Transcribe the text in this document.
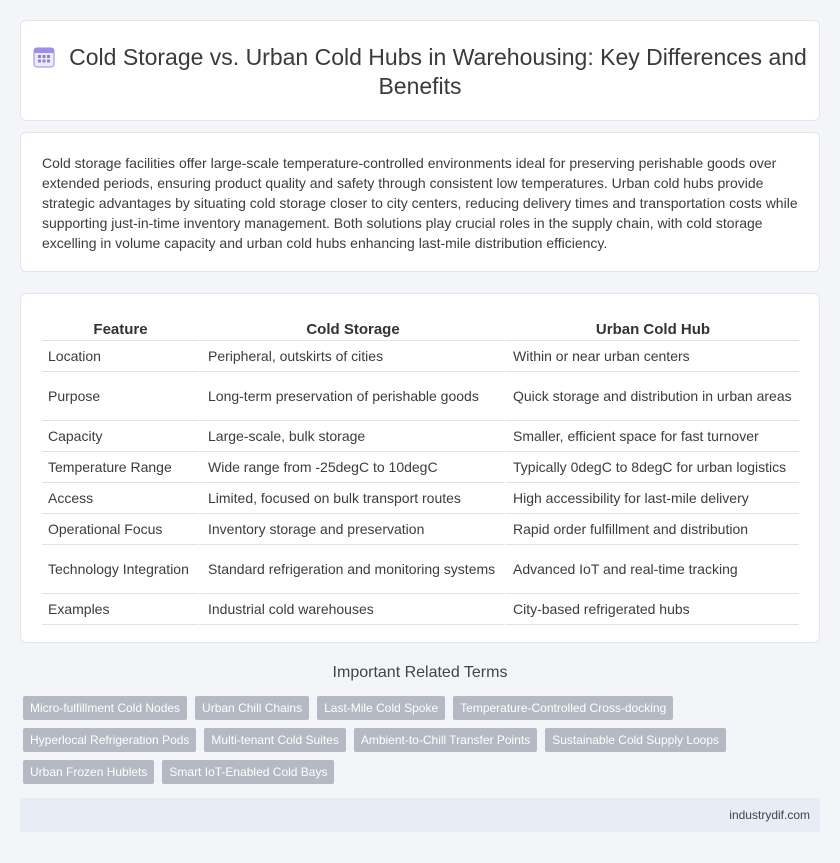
Cold Storage vs. Urban Cold Hubs in Warehousing: Key Differences and Benefits

Cold storage facilities offer large-scale temperature-controlled environments ideal for preserving perishable goods over extended periods, ensuring product quality and safety through consistent low temperatures. Urban cold hubs provide strategic advantages by situating cold storage closer to city centers, reducing delivery times and transportation costs while supporting just-in-time inventory management. Both solutions play crucial roles in the supply chain, with cold storage excelling in volume capacity and urban cold hubs enhancing last-mile distribution efficiency.

Feature	Cold Storage	Urban Cold Hub
Location	Peripheral, outskirts of cities	Within or near urban centers
Purpose	Long-term preservation of perishable goods	Quick storage and distribution in urban areas
Capacity	Large-scale, bulk storage	Smaller, efficient space for fast turnover
Temperature Range	Wide range from -25degC to 10degC	Typically 0degC to 8degC for urban logistics
Access	Limited, focused on bulk transport routes	High accessibility for last-mile delivery
Operational Focus	Inventory storage and preservation	Rapid order fulfillment and distribution
Technology Integration	Standard refrigeration and monitoring systems	Advanced IoT and real-time tracking
Examples	Industrial cold warehouses	City-based refrigerated hubs
Important Related Terms
Micro-fulfillment Cold Nodes	Urban Chill Chains	Last-Mile Cold Spoke	Temperature-Controlled Cross-docking
Hyperlocal Refrigeration Pods	Multi-tenant Cold Suites	Ambient-to-Chill Transfer Points	Sustainable Cold Supply Loops
Urban Frozen Hublets	Smart IoT-Enabled Cold Bays
industrydif.com
